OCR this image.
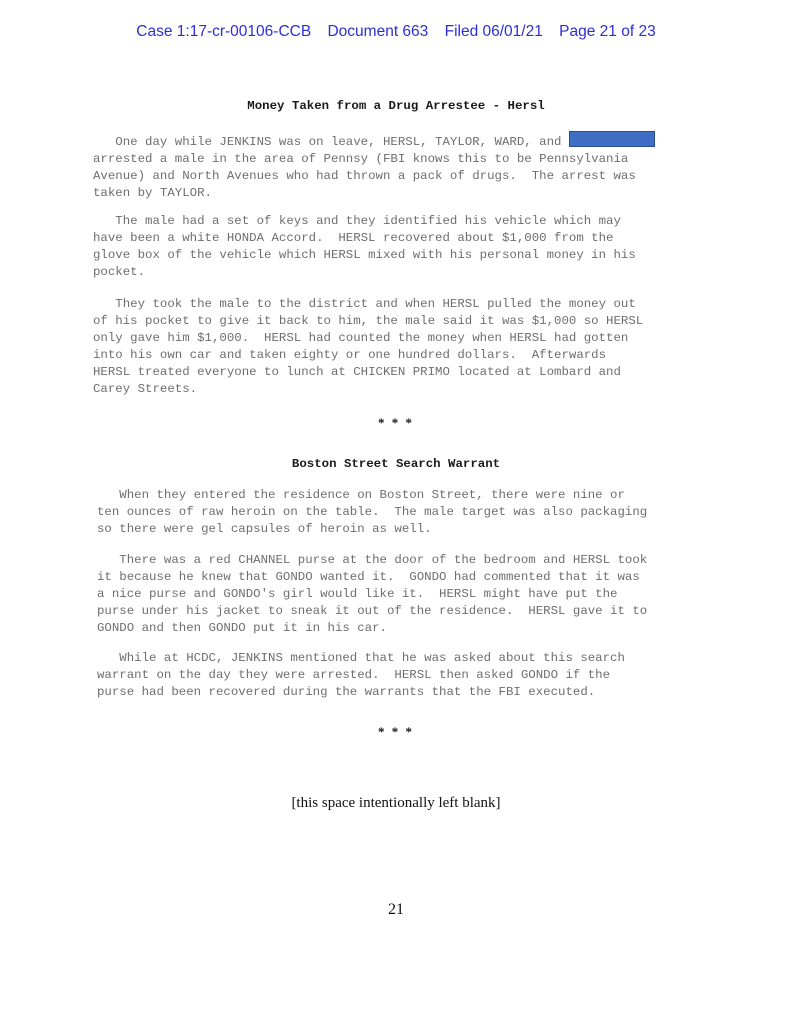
Case 1:17-cr-00106-CCB Document 663 Filed 06/01/21 Page 21 of 23
Money Taken from a Drug Arrestee - Hersl
One day while JENKINS was on leave, HERSL, TAYLOR, WARD, and
arrested a male in the area of Pennsy (FBI knows this to be Pennsylvania
Avenue) and North Avenues who had thrown a pack of drugs.  The arrest was
taken by TAYLOR.
The male had a set of keys and they identified his vehicle which may
have been a white HONDA Accord.  HERSL recovered about $1,000 from the
glove box of the vehicle which HERSL mixed with his personal money in his
pocket.
They took the male to the district and when HERSL pulled the money out
of his pocket to give it back to him, the male said it was $1,000 so HERSL
only gave him $1,000.  HERSL had counted the money when HERSL had gotten
into his own car and taken eighty or one hundred dollars.  Afterwards
HERSL treated everyone to lunch at CHICKEN PRIMO located at Lombard and
Carey Streets.
* * *
Boston Street Search Warrant
When they entered the residence on Boston Street, there were nine or
ten ounces of raw heroin on the table.  The male target was also packaging
so there were gel capsules of heroin as well.
There was a red CHANNEL purse at the door of the bedroom and HERSL took
it because he knew that GONDO wanted it.  GONDO had commented that it was
a nice purse and GONDO's girl would like it.  HERSL might have put the
purse under his jacket to sneak it out of the residence.  HERSL gave it to
GONDO and then GONDO put it in his car.
While at HCDC, JENKINS mentioned that he was asked about this search
warrant on the day they were arrested.  HERSL then asked GONDO if the
purse had been recovered during the warrants that the FBI executed.
* * *
[this space intentionally left blank]
21
